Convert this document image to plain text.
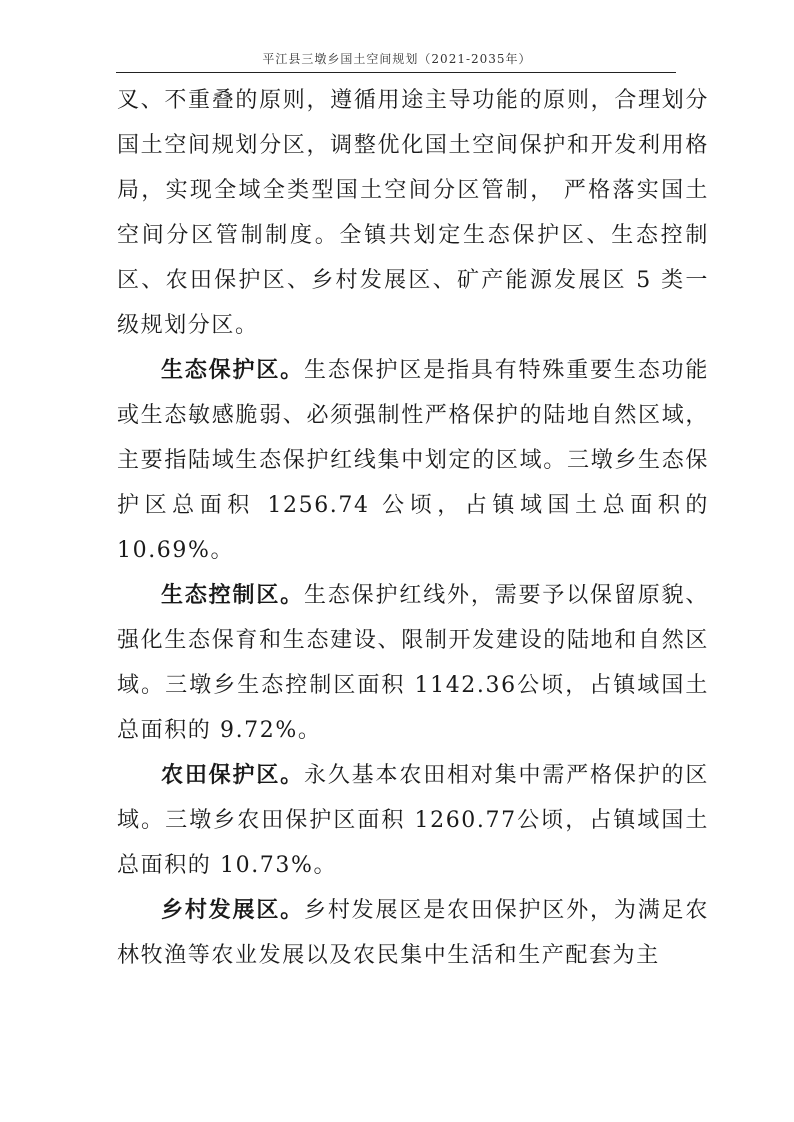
平江县三墩乡国土空间规划（2021-2035年）

叉、不重叠的原则，遵循用途主导功能的原则，合理划分国土空间规划分区，调整优化国土空间保护和开发利用格局，实现全域全类型国土空间分区管制， 严格落实国土空间分区管制制度。全镇共划定生态保护区、生态控制区、农田保护区、乡村发展区、矿产能源发展区 5 类一级规划分区。

生态保护区。生态保护区是指具有特殊重要生态功能或生态敏感脆弱、必须强制性严格保护的陆地自然区域，主要指陆域生态保护红线集中划定的区域。三墩乡生态保护区总面积 1256.74 公顷，占镇域国土总面积的10.69%。

生态控制区。生态保护红线外，需要予以保留原貌、强化生态保育和生态建设、限制开发建设的陆地和自然区域。三墩乡生态控制区面积 1142.36公顷，占镇域国土总面积的 9.72%。

农田保护区。永久基本农田相对集中需严格保护的区域。三墩乡农田保护区面积 1260.77公顷，占镇域国土总面积的 10.73%。

乡村发展区。乡村发展区是农田保护区外，为满足农林牧渔等农业发展以及农民集中生活和生产配套为主
